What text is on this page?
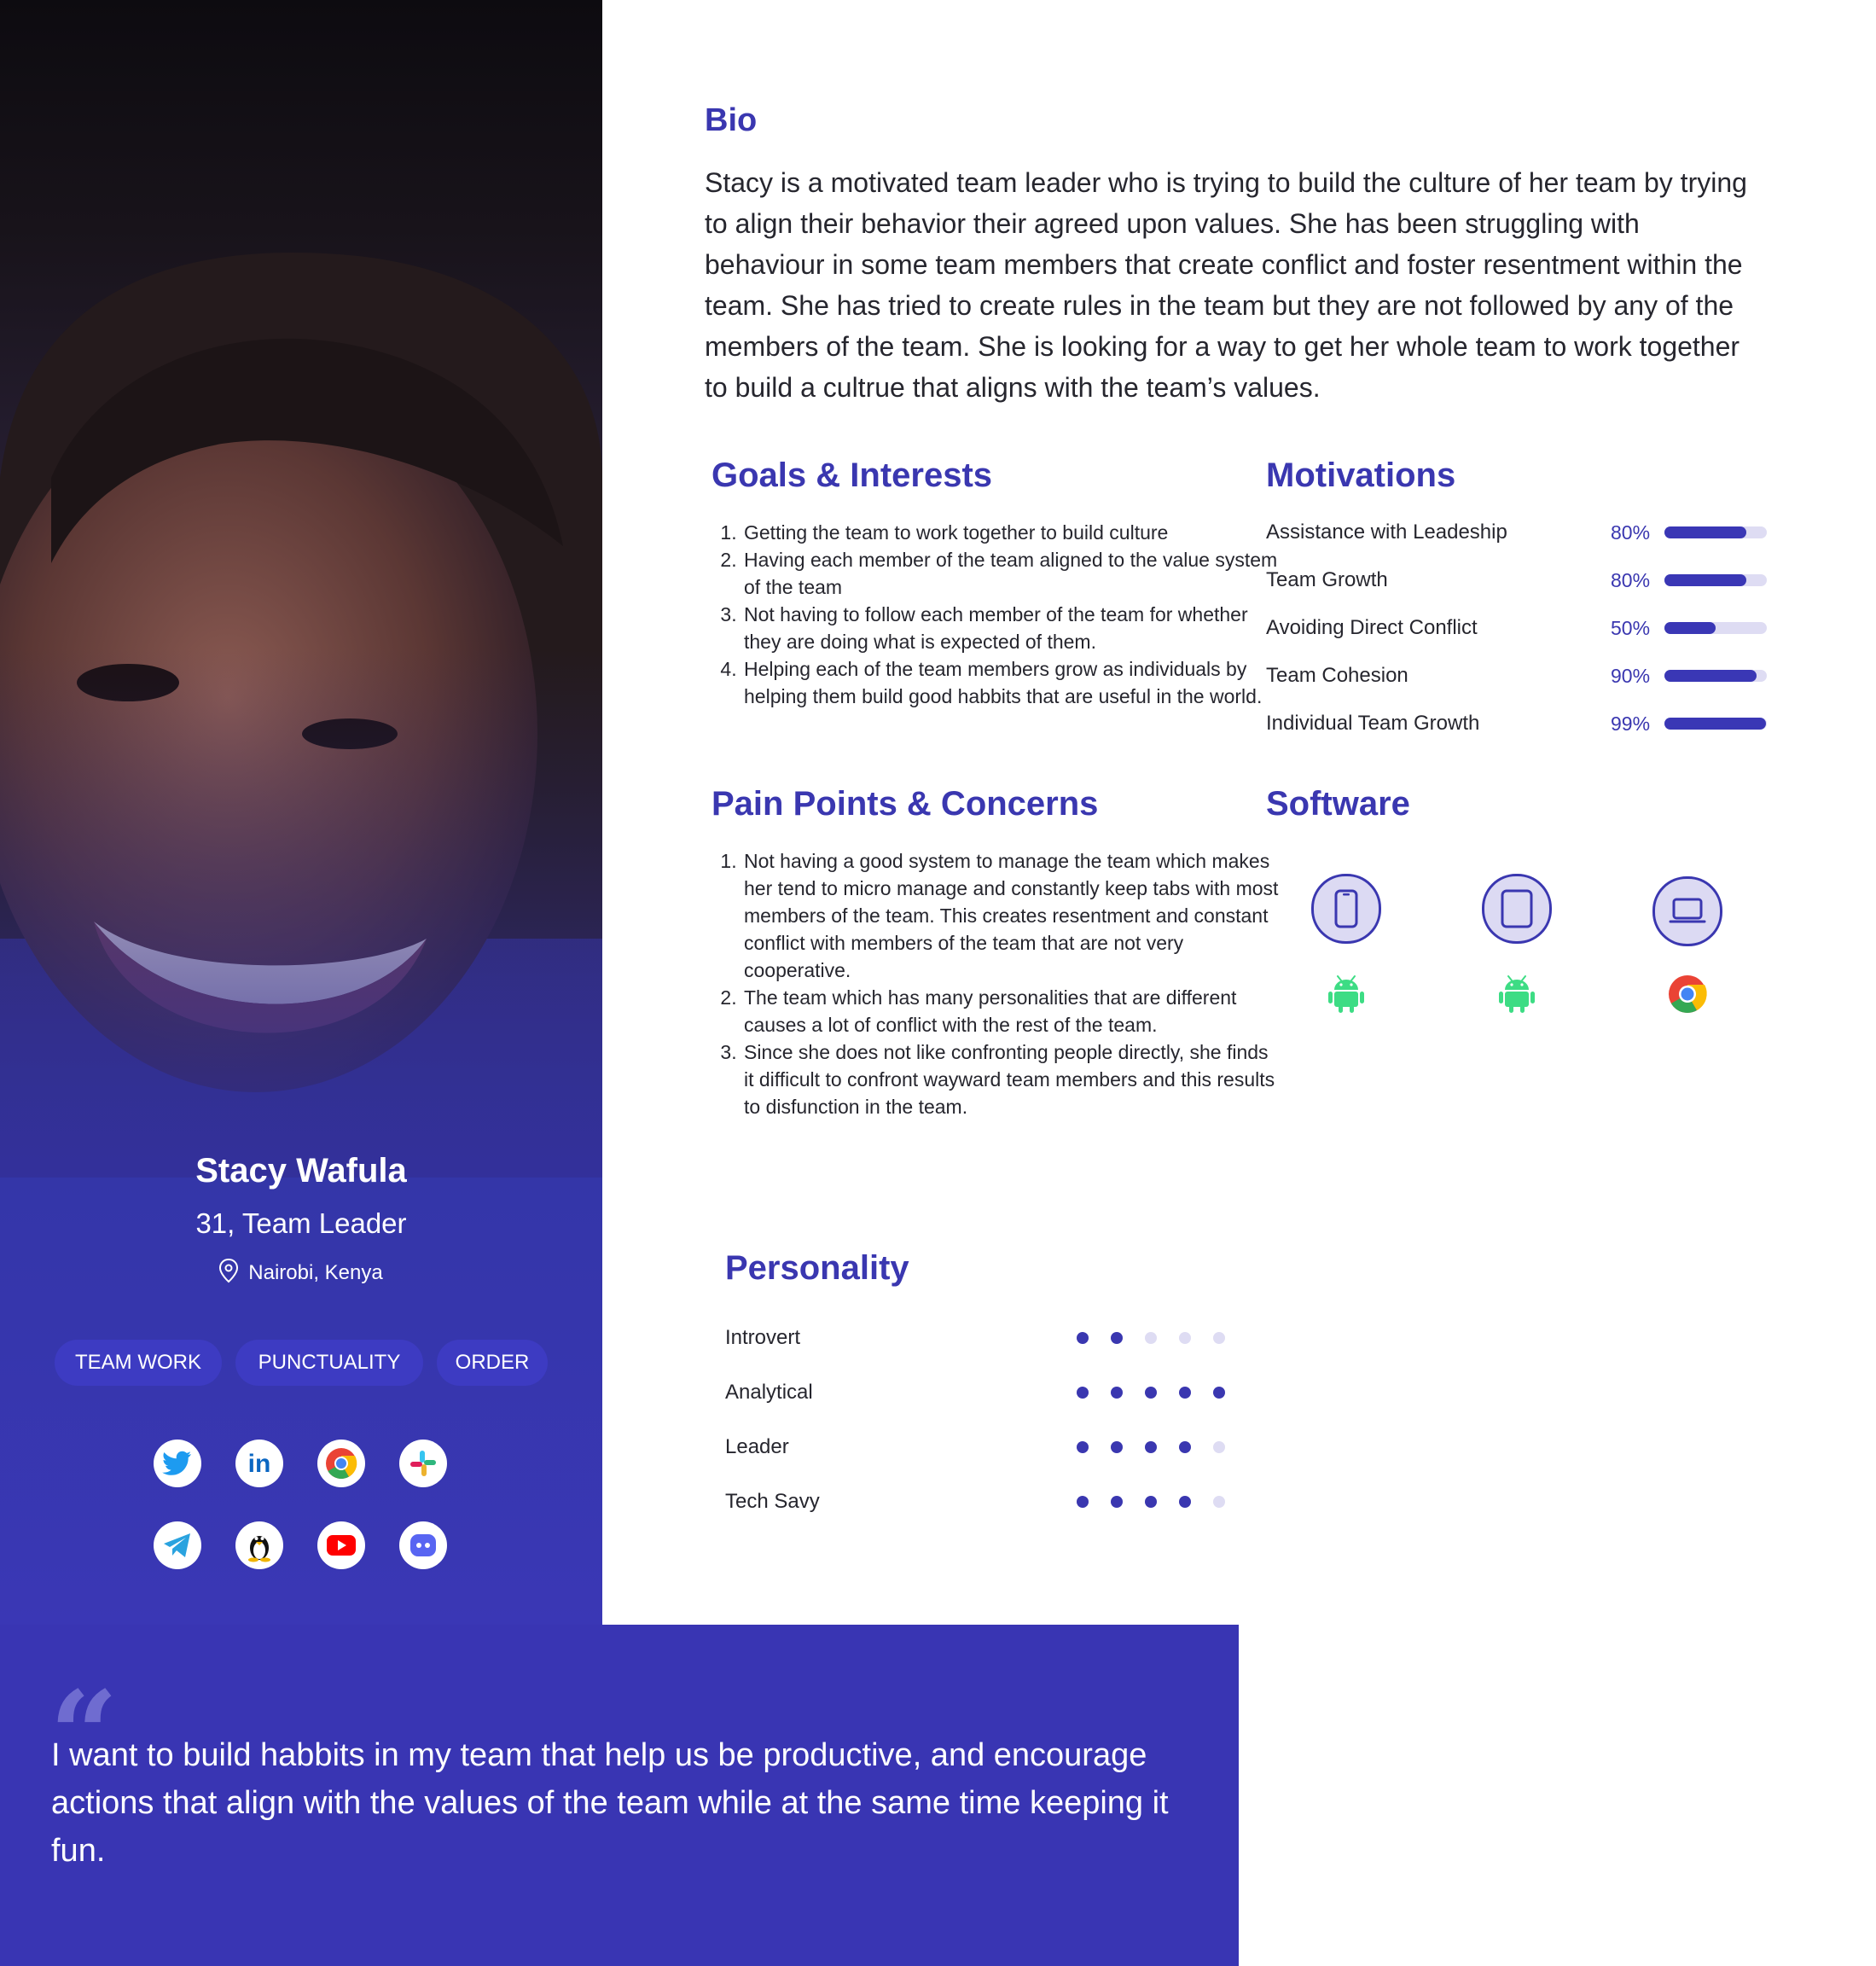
Stacy Wafula
31, Team Leader
Nairobi, Kenya
TEAM WORK	PUNCTUALITY	ORDER
in
“
I want to build habbits in my team that help us be productive, and encourage actions that align with the values of the team while at the same time keeping it fun.
Bio
Stacy is a motivated team leader who is trying to build the culture of her team by trying to align their behavior their agreed upon values. She has been struggling with behaviour in some team members that create conflict and foster resentment within the team. She has tried to create rules in the team but they are not followed by any of the members of the team. She is looking for a way to get her whole team to work together to build a cultrue that aligns with the team’s values.
Goals & Interests
1. Getting the team to work together to build culture
2. Having each member of the team aligned to the value system of the team
3. Not having to follow each member of the team for whether they are doing what is expected of them.
4. Helping each of the team members grow as individuals by helping them build good habbits that are useful in the world.
Motivations
Assistance with Leadeship	80%
Team Growth	80%
Avoiding Direct Conflict	50%
Team Cohesion	90%
Individual Team Growth	99%
Pain Points & Concerns
1. Not having a good system to manage the team which makes her tend to micro manage and constantly keep tabs with most members of the team. This creates resentment and constant conflict with members of the team that are not very cooperative.
2. The team which has many personalities that are different causes a lot of conflict with the rest of the team.
3. Since she does not like confronting people directly, she finds it difficult to confront wayward team members and this results to disfunction in the team.
Software
Personality
Introvert
Analytical
Leader
Tech Savy
